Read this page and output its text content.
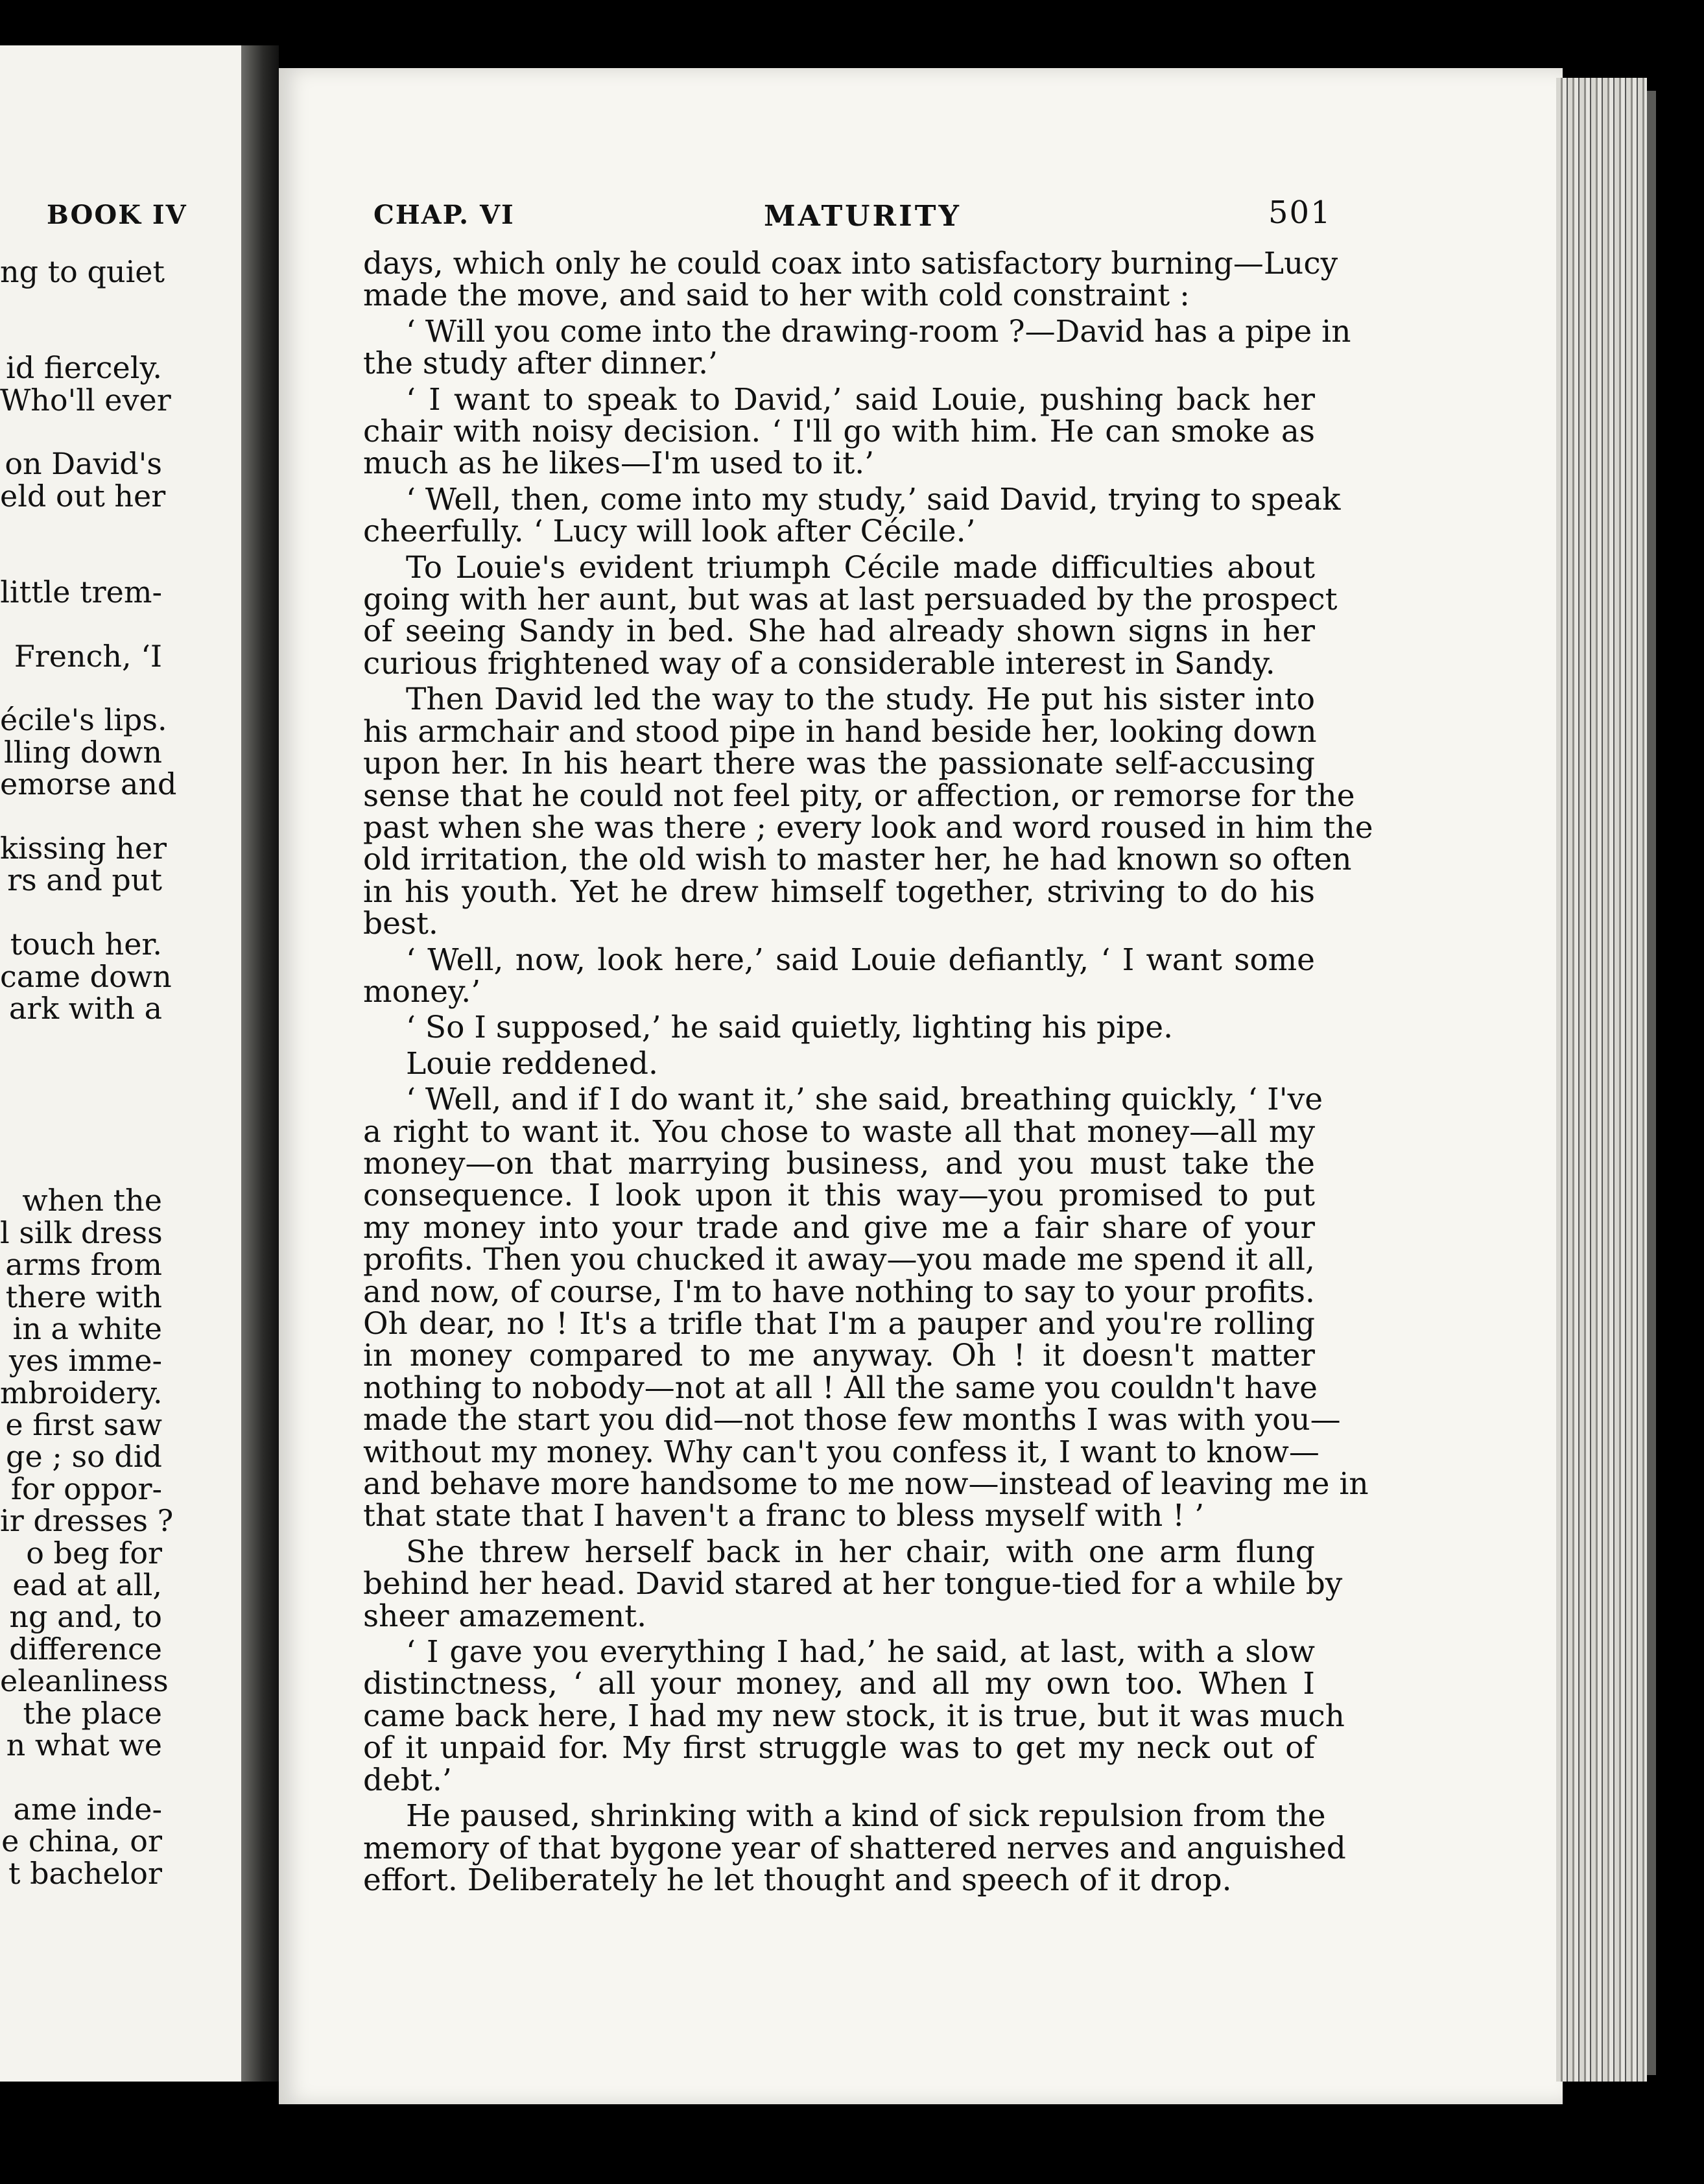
BOOK IV
ng to quiet
id fiercely.
Who'll ever
on David's
eld out her
little trem-
French, ‘I
écile's lips.
lling down
emorse and
kissing her
rs and put
touch her.
came down
ark with a
when the
l silk dress
arms from
there with
in a white
yes imme-
mbroidery.
e first saw
ge ; so did
for oppor-
ir dresses ?
o beg for
ead at all,
ng and, to
difference
eleanliness
the place
n what we
ame inde-
e china, or
t bachelor
CHAP. VI	MATURITY	501
days, which only he could coax into satisfactory burning—Lucy
made the move, and said to her with cold constraint :
‘ Will you come into the drawing-room ?—David has a pipe in
the study after dinner.’
‘ I want to speak to David,’ said Louie, pushing back her
chair with noisy decision. ‘ I'll go with him. He can smoke as
much as he likes—I'm used to it.’
‘ Well, then, come into my study,’ said David, trying to speak
cheerfully. ‘ Lucy will look after Cécile.’
To Louie's evident triumph Cécile made difficulties about
going with her aunt, but was at last persuaded by the prospect
of seeing Sandy in bed. She had already shown signs in her
curious frightened way of a considerable interest in Sandy.
Then David led the way to the study. He put his sister into
his armchair and stood pipe in hand beside her, looking down
upon her. In his heart there was the passionate self-accusing
sense that he could not feel pity, or affection, or remorse for the
past when she was there ; every look and word roused in him the
old irritation, the old wish to master her, he had known so often
in his youth. Yet he drew himself together, striving to do his
best.
‘ Well, now, look here,’ said Louie defiantly, ‘ I want some
money.’
‘ So I supposed,’ he said quietly, lighting his pipe.
Louie reddened.
‘ Well, and if I do want it,’ she said, breathing quickly, ‘ I've
a right to want it. You chose to waste all that money—all my
money—on that marrying business, and you must take the
consequence. I look upon it this way—you promised to put
my money into your trade and give me a fair share of your
profits. Then you chucked it away—you made me spend it all,
and now, of course, I'm to have nothing to say to your profits.
Oh dear, no ! It's a trifle that I'm a pauper and you're rolling
in money compared to me anyway. Oh ! it doesn't matter
nothing to nobody—not at all ! All the same you couldn't have
made the start you did—not those few months I was with you—
without my money. Why can't you confess it, I want to know—
and behave more handsome to me now—instead of leaving me in
that state that I haven't a franc to bless myself with ! ’
She threw herself back in her chair, with one arm flung
behind her head. David stared at her tongue-tied for a while by
sheer amazement.
‘ I gave you everything I had,’ he said, at last, with a slow
distinctness, ‘ all your money, and all my own too. When I
came back here, I had my new stock, it is true, but it was much
of it unpaid for. My first struggle was to get my neck out of
debt.’
He paused, shrinking with a kind of sick repulsion from the
memory of that bygone year of shattered nerves and anguished
effort. Deliberately he let thought and speech of it drop.
